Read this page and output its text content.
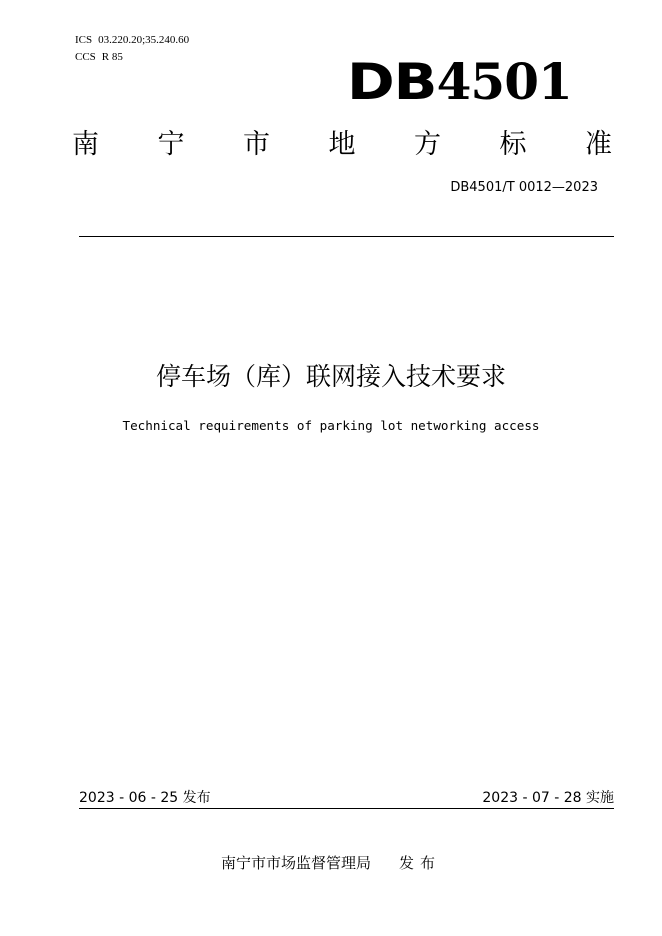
ICS 03.220.20;35.240.60
CCS R 85	DB4501
南 宁 市 地 方 标 准
DB4501/T 0012—2023
停车场（库）联网接入技术要求
Technical requirements of parking lot networking access
2023 - 06 - 25 发布	2023 - 07 - 28 实施
南宁市市场监督管理局 发布
